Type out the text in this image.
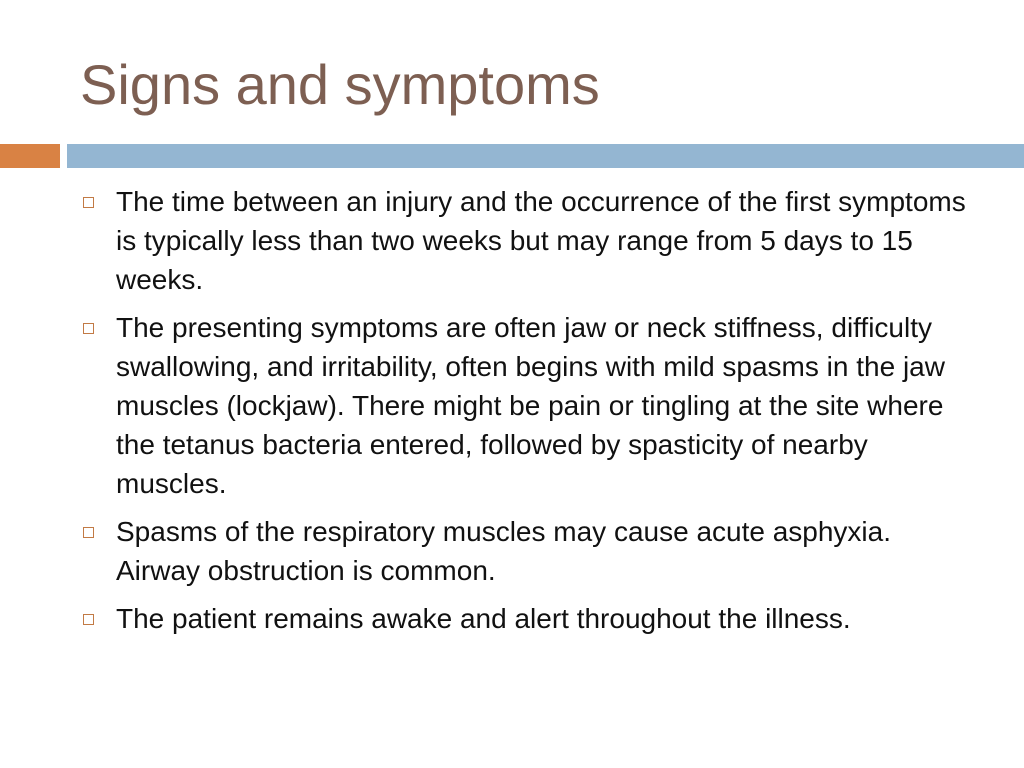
Signs and symptoms
The time between an injury and the occurrence of the first symptoms is typically less than two weeks but may range from 5 days to 15 weeks.
The presenting symptoms are often jaw or neck stiffness, difficulty swallowing, and irritability, often begins with mild spasms in the jaw muscles (lockjaw). There might be pain or tingling at the site where the tetanus bacteria entered, followed by spasticity of nearby muscles.
Spasms of the respiratory muscles may cause acute asphyxia. Airway obstruction is common.
The patient remains awake and alert throughout the illness.
